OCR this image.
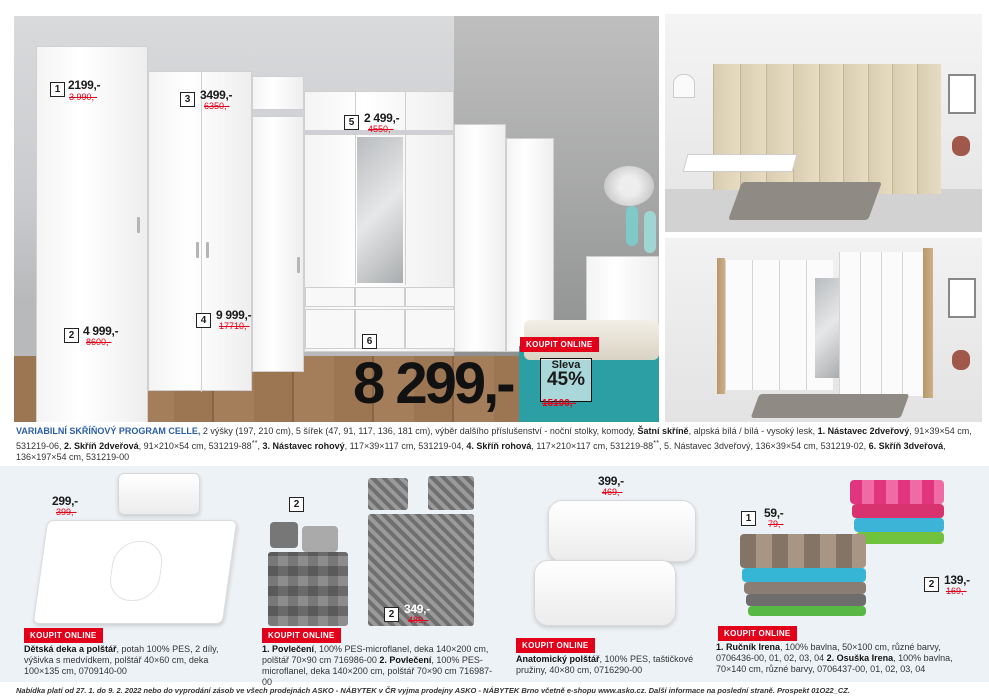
1 2199,-
3 990,-
2 4 999,-
8600,-
3 3499,-
6350,-
4 9 999,-
17710,-
5 2 499,-
4550,-
6	KOUPIT ONLINE
8 299,-	Sleva
45%
15100,-
VARIABILNÍ SKŘÍŇOVÝ PROGRAM CELLE, 2 výšky (197, 210 cm), 5 šířek (47, 91, 117, 136, 181 cm), výběr dalšího příslušenství - noční stolky, komody, Šatní skříně, alpská bílá / bílá - vysoký lesk, 1. Nástavec 2dveřový, 91×39×54 cm, 531219-06, 2. Skříň 2dveřová, 91×210×54 cm, 531219-88**, 3. Nástavec rohový, 117×39×117 cm, 531219-04, 4. Skříň rohová, 117×210×117 cm, 531219-88**, 5. Nástavec 3dveřový, 136×39×54 cm, 531219-02, 6. Skříň 3dveřová, 136×197×54 cm, 531219-00
299,-
399,-
KOUPIT ONLINE
Dětská deka a polštář, potah 100% PES, 2 díly, výšivka s medvídkem, polštář 40×60 cm, deka 100×135 cm, 0709140-00
2
2 349,-
489,-
KOUPIT ONLINE
1. Povlečení, 100% PES-microflanel, deka 140×200 cm, polštář 70×90 cm 716986-00 2. Povlečení, 100% PES-microflanel, deka 140×200 cm, polštář 70×90 cm 716987-00
399,-
469,-
KOUPIT ONLINE
Anatomický polštář, 100% PES, taštičkové pružiny, 40×80 cm, 0716290-00
1	59,-
79,-
2 139,-
169,-
KOUPIT ONLINE
1. Ručník Irena, 100% bavlna, 50×100 cm, různé barvy, 0706436-00, 01, 02, 03, 04 2. Osuška Irena, 100% bavlna, 70×140 cm, různé barvy, 0706437-00, 01, 02, 03, 04
Nabídka platí od 27. 1. do 9. 2. 2022 nebo do vyprodání zásob ve všech prodejnách ASKO - NÁBYTEK v ČR vyjma prodejny ASKO - NÁBYTEK Brno včetně e-shopu www.asko.cz. Další informace na poslední straně. Prospekt 01O22_CZ.
